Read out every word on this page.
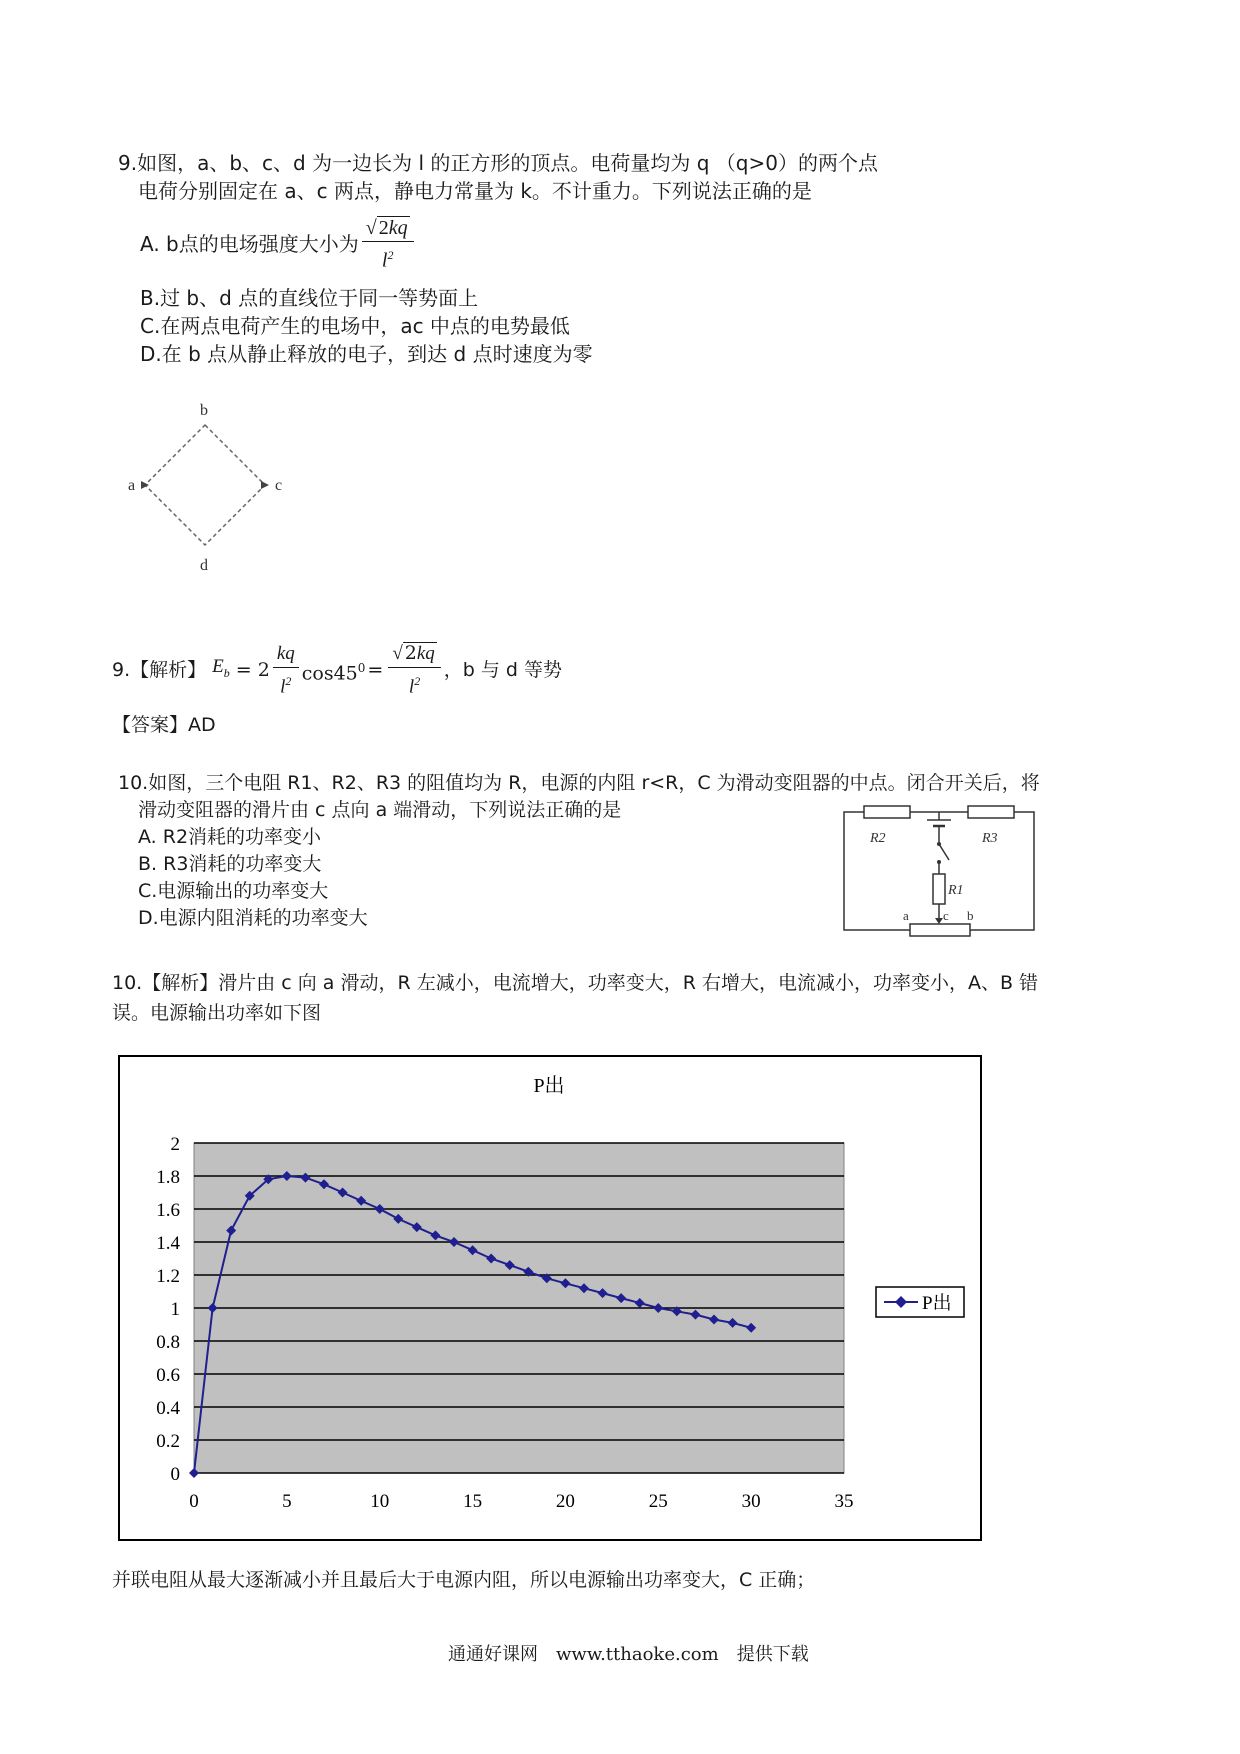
9.如图，a、b、c、d 为一边长为 l 的正方形的顶点。电荷量均为 q （q>0）的两个点
电荷分别固定在 a、c 两点，静电力常量为 k。不计重力。下列说法正确的是
A. b点的电场强度大小为 $\frac{√ 2kq}{l^2}$
B.过 b、d 点的直线位于同一等势面上
C.在两点电荷产生的电场中，ac 中点的电势最低
D.在 b 点从静止释放的电子，到达 d 点时速度为零
b
a	c
d
9.【解析】 $E_b = 2 \frac{kq}{l^2} \cos 45^0 = \frac{√ 2kq}{l^2}$ ，b 与 d 等势
【答案】AD
10.如图，三个电阻 R1、R2、R3 的阻值均为 R，电源的内阻 r<R，C 为滑动变阻器的中点。闭合开关后，将
滑动变阻器的滑片由 c 点向 a 端滑动，下列说法正确的是
A. R2消耗的功率变小
B. R3消耗的功率变大
C.电源输出的功率变大
D.电源内阻消耗的功率变大
R2	R3
R1
a	c b
10.【解析】滑片由 c 向 a 滑动，R 左减小，电流增大，功率变大，R 右增大，电流减小，功率变小，A、B 错
误。电源输出功率如下图
0
0.2
0.4
0.6
0.8
1
1.2
1.4
1.6
1.8
2
0	5	10	15	20	25	30	35
P出
P出
并联电阻从最大逐渐减小并且最后大于电源内阻，所以电源输出功率变大，C 正确；
通通好课网　www.tthaoke.com　提供下载
